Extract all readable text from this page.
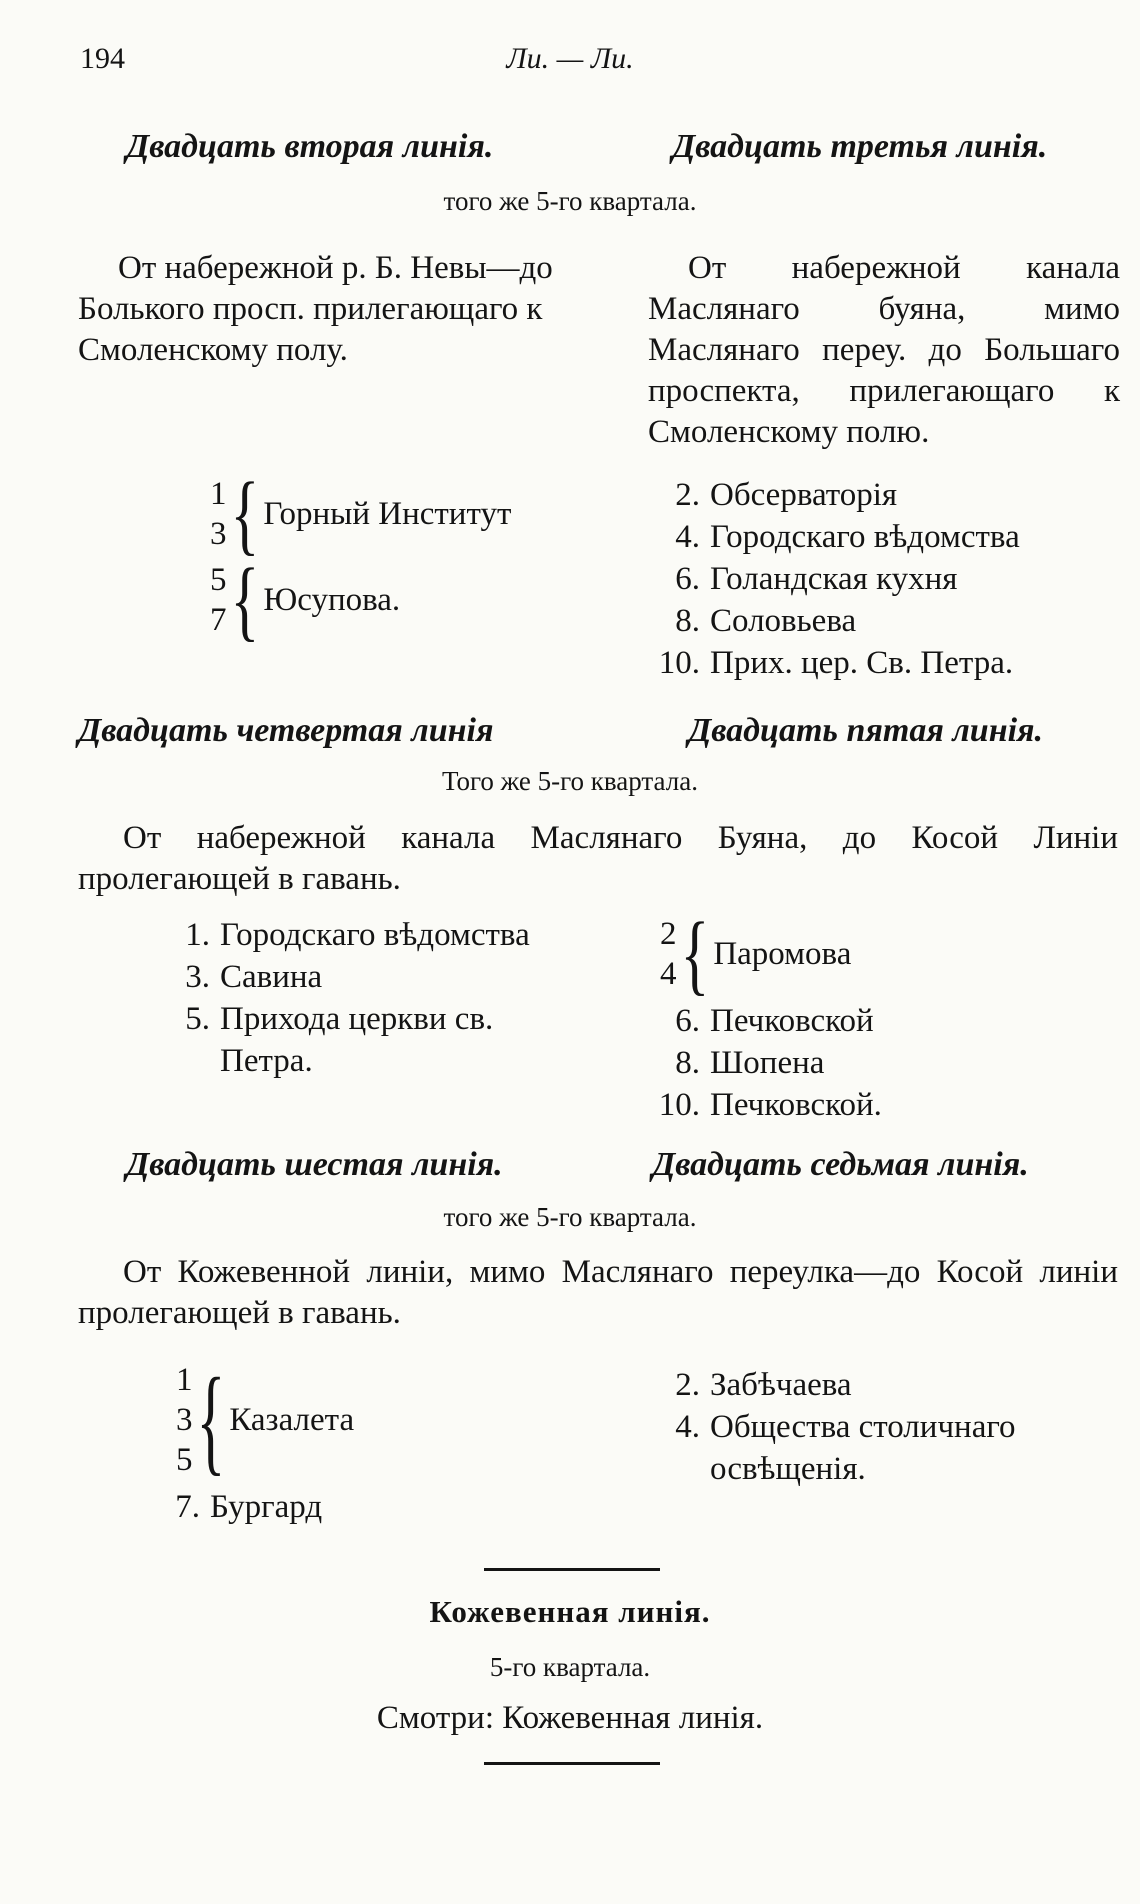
194	Ли. — Ли.
Двадцать вторая линія.	Двадцать третья линія.
того же 5-го квартала.
От набережной р. Б. Невы—до Болького просп. прилегающаго к Смоленскому полу.
От набережной канала Маслянаго буяна, мимо Маслянаго переу. до Большаго проспекта, прилегающаго к Смоленскому полю.
1
3 { Горный Институт
5
7 { Юсупова.
2. Обсерваторія
4. Городскаго вѣдомства
6. Голандская кухня
8. Соловьева
10. Прих. цер. Св. Петра.
Двадцать четвертая линія	Двадцать пятая линія.
Того же 5-го квартала.
От набережной канала Маслянаго Буяна, до Косой Линіи пролегающей в гавань.
1. Городскаго вѣдомства
3. Савина
5. Прихода церкви св.
Петра.
2
4 { Паромова
6. Печковской
8. Шопена
10. Печковской.
Двадцать шестая линія.	Двадцать седьмая линія.
того же 5-го квартала.
От Кожевенной линіи, мимо Маслянаго переулка—до Косой линіи пролегающей в гавань.
1
3
5 { Казалета
7. Бургард
2. Забѣчаева
4. Общества столичнаго
освѣщенія.
Кожевенная линія.
5-го квартала.
Смотри: Кожевенная линія.
